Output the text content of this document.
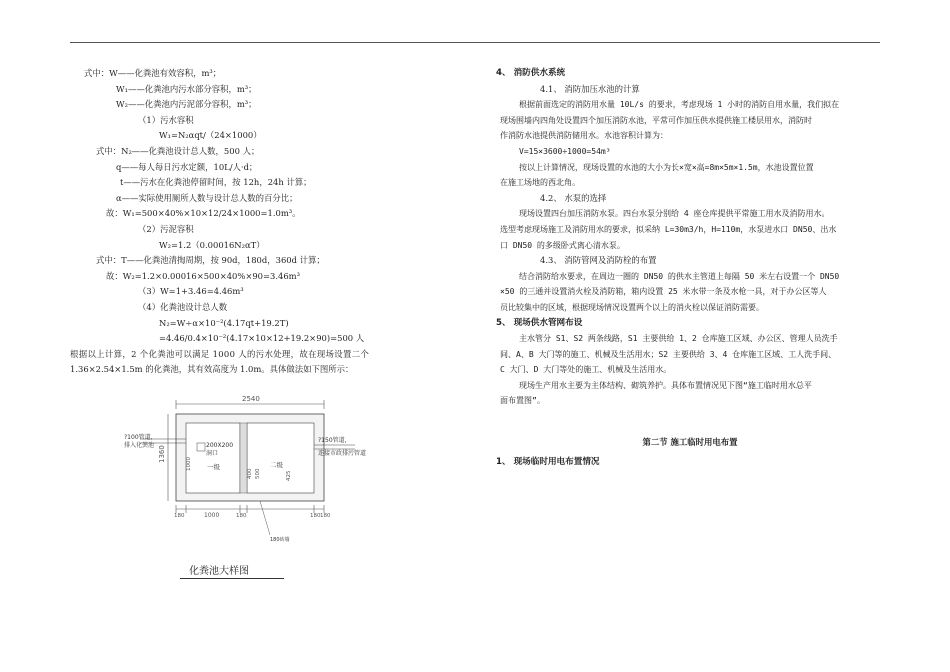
式中：W——化粪池有效容积，m³；
W₁——化粪池内污水部分容积，m³；
W₂——化粪池内污泥部分容积，m³；
（1）污水容积
W₁=N₂αqt/（24×1000）
式中：N₂——化粪池设计总人数，500 人；
q——每人每日污水定额，10L/人·d；
t——污水在化粪池停留时间，按 12h，24h 计算；
α——实际使用厕所人数与设计总人数的百分比；
故：W₁=500×40%×10×12/24×1000=1.0m³。
（2）污泥容积
W₂=1.2（0.00016N₂αT）
式中：T——化粪池清掏周期，按 90d，180d，360d 计算；
故：W₂=1.2×0.00016×500×40%×90=3.46m³
（3）W=1+3.46=4.46m³
（4）化粪池设计总人数
N₂=W÷α×10⁻²(4.17qt+19.2T)
=4.46/0.4×10⁻²(4.17×10×12+19.2×90)=500 人
根据以上计算，2 个化粪池可以满足 1000 人的污水处理，故在现场设置二个
1.36×2.54×1.5m 的化粪池，其有效高度为 1.0m。具体做法如下图所示：
2540
?100管道，
排入化粪池
?150管道，
连接市政排污管道
1360	200X200
洞口
一级
1000	二级
400 500	425
180	1000	180	180 180
180砖墙
化粪池大样图
4、 消防供水系统
4.1、 消防加压水池的计算
根据前面选定的消防用水量 10L/s 的要求，考虑现场 1 小时的消防自用水量，我们拟在
现场围墙内四角处设置四个加压消防水池，平常可作加压供水提供施工楼层用水，消防时
作消防水池提供消防储用水。水池容积计算为：
V=15×3600÷1000=54m³
按以上计算情况，现场设置的水池的大小为长×宽×高=8m×5m×1.5m，水池设置位置
在施工场地的西北角。
4.2、 水泵的选择
现场设置四台加压消防水泵。四台水泵分别给 4 座仓库提供平常施工用水及消防用水。
选型考虑现场施工及消防用水的要求，拟采纳 L=30m3/h，H=110m，水泵进水口 DN50、出水
口 DN50 的多级卧式离心清水泵。
4.3、 消防管网及消防栓的布置
结合消防给水要求，在周边一圈的 DN50 的供水主管道上每隔 50 米左右设置一个 DN50
×50 的三通并设置消火栓及消防箱，箱内设置 25 米水带一条及水枪一具，对于办公区等人
员比较集中的区域，根据现场情况设置两个以上的消火栓以保证消防需要。
5、 现场供水管网布设
主水管分 S1、S2 两条线路，S1 主要供给 1、2 仓库施工区域、办公区、管理人员洗手
间、A、B 大门等的施工、机械及生活用水；S2 主要供给 3、4 仓库施工区域、工人洗手间、
C 大门、D 大门等处的施工、机械及生活用水。
现场生产用水主要为主体结构、砌筑养护。具体布置情况见下图“施工临时用水总平
面布置图”。
第二节 施工临时用电布置
1、 现场临时用电布置情况
